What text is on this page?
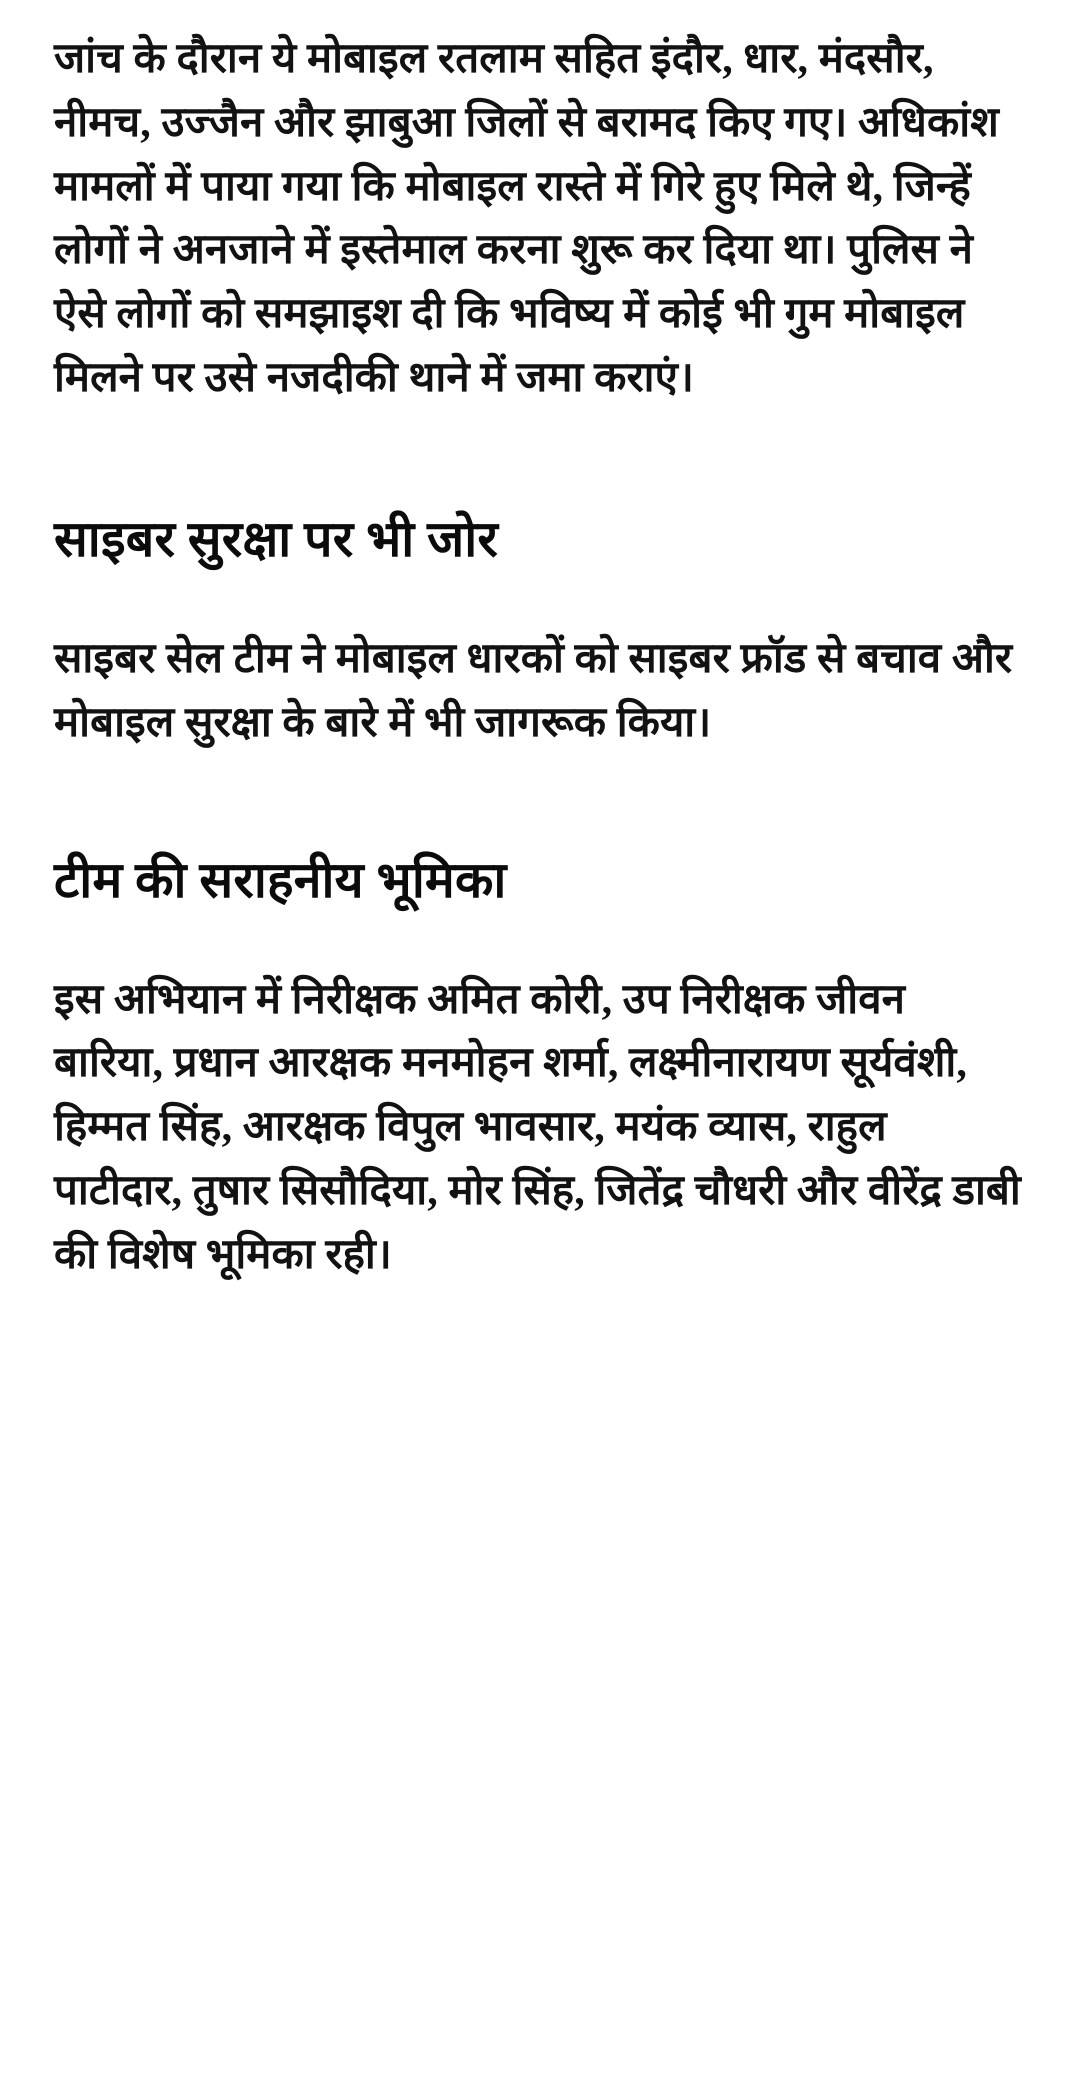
जांच के दौरान ये मोबाइल रतलाम सहित इंदौर, धार, मंदसौर, नीमच, उज्जैन और झाबुआ जिलों से बरामद किए गए। अधिकांश मामलों में पाया गया कि मोबाइल रास्ते में गिरे हुए मिले थे, जिन्हें लोगों ने अनजाने में इस्तेमाल करना शुरू कर दिया था। पुलिस ने ऐसे लोगों को समझाइश दी कि भविष्य में कोई भी गुम मोबाइल मिलने पर उसे नजदीकी थाने में जमा कराएं।

साइबर सुरक्षा पर भी जोर

साइबर सेल टीम ने मोबाइल धारकों को साइबर फ्रॉड से बचाव और मोबाइल सुरक्षा के बारे में भी जागरूक किया।

टीम की सराहनीय भूमिका

इस अभियान में निरीक्षक अमित कोरी, उप निरीक्षक जीवन बारिया, प्रधान आरक्षक मनमोहन शर्मा, लक्ष्मीनारायण सूर्यवंशी, हिम्मत सिंह, आरक्षक विपुल भावसार, मयंक व्यास, राहुल पाटीदार, तुषार सिसौदिया, मोर सिंह, जितेंद्र चौधरी और वीरेंद्र डाबी की विशेष भूमिका रही।
